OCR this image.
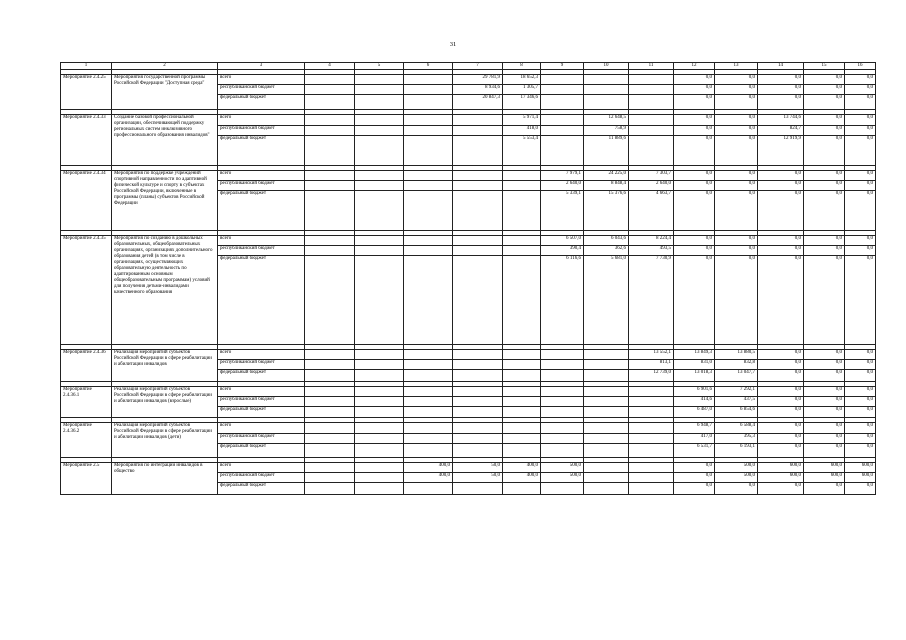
31
1	2	3	4	5	6	7	8	9	10	11	12	13	14	15	16

Мероприятие 2.4.25	Мероприятия государственной программы Российской Федерации "Доступная среда"	всего				29 781,9	18 652,3				0,0	0,0	0,0	0,0	0,0
		республиканский бюджет				8 934,6	1 305,7				0,0	0,0	0,0	0,0	0,0
		федеральный бюджет				20 847,3	17 346,6				0,0	0,0	0,0	0,0	0,0

Мероприятие 2.4.33	Создание базовой профессиональной организации, обеспечивающей поддержку региональных систем инклюзивного профессионального образования инвалидов"	всего					5 971,4		12 648,5		0,0	0,0	13 744,6	0,0	0,0
		республиканский бюджет					418,0		758,9		0,0	0,0	824,7	0,0	0,0
		федеральный бюджет					5 553,4		11 889,6		0,0	0,0	12 919,9	0,0	0,0

Мероприятие 2.4.34	Мероприятия по поддержке учреждений спортивной направленности по адаптивной физической культуре и спорту в субъектах Российской Федерации, включенные в программы (планы) субъектов Российской Федерации	всего						7 979,1	24 225,0	7 303,7	0,0	0,0	0,0	0,0	0,0
		республиканский бюджет						2 640,0	8 848,4	2 640,0	0,0	0,0	0,0	0,0	0,0
		федеральный бюджет						5 339,1	15 376,6	4 663,7	0,0	0,0	0,0	0,0	0,0

Мероприятие 2.4.35	Мероприятия по созданию в дошкольных образовательных, общеобразовательных организациях, организациях дополнительного образования детей (в том числе в организациях, осуществляющих образовательную деятельность по адаптированным основным общеобразовательным программам) условий для получения детьми-инвалидами качественного образования	всего						6 507,0	6 043,6	8 224,4	0,0	0,0	0,0	0,0	0,0
		республиканский бюджет						390,4	362,6	493,5	0,0	0,0	0,0	0,0	0,0
		федеральный бюджет						6 116,6	5 681,0	7 730,9	0,0	0,0	0,0	0,0	0,0

Мероприятие 2.4.36	Реализация мероприятий субъектов Российской Федерации в сфере реабилитации и абилитации инвалидов	всего								13 552,1	13 849,3	13 880,5	0,0	0,0	0,0
		республиканский бюджет								813,1	831,0	832,8	0,0	0,0	0,0
		федеральный бюджет								12 739,0	13 018,3	13 047,7	0,0	0,0	0,0

Мероприятие 2.4.36.1	Реализация мероприятий субъектов Российской Федерации в сфере реабилитации и абилитации инвалидов (взрослые)	всего									6 901,6	7 292,1	0,0	0,0	0,0
		республиканский бюджет									414,6	437,5	0,0	0,0	0,0
		федеральный бюджет									6 487,0	6 854,6	0,0	0,0	0,0

Мероприятие 2.4.36.2	Реализация мероприятий субъектов Российской Федерации в сфере реабилитации и абилитации инвалидов (дети)	всего									6 948,7	6 588,4	0,0	0,0	0,0
		республиканский бюджет									417,0	395,3	0,0	0,0	0,0
		федеральный бюджет									6 531,7	6 193,1	0,0	0,0	0,0

Мероприятие 2.5	Мероприятия по интеграции инвалидов в общество	всего			400,0	50,0	400,0	500,0			0,0	500,0	600,0	600,0	600,0
		республиканский бюджет			400,0	50,0	400,0	500,0			0,0	500,0	600,0	600,0	600,0
		федеральный бюджет									0,0	0,0	0,0	0,0	0,0
